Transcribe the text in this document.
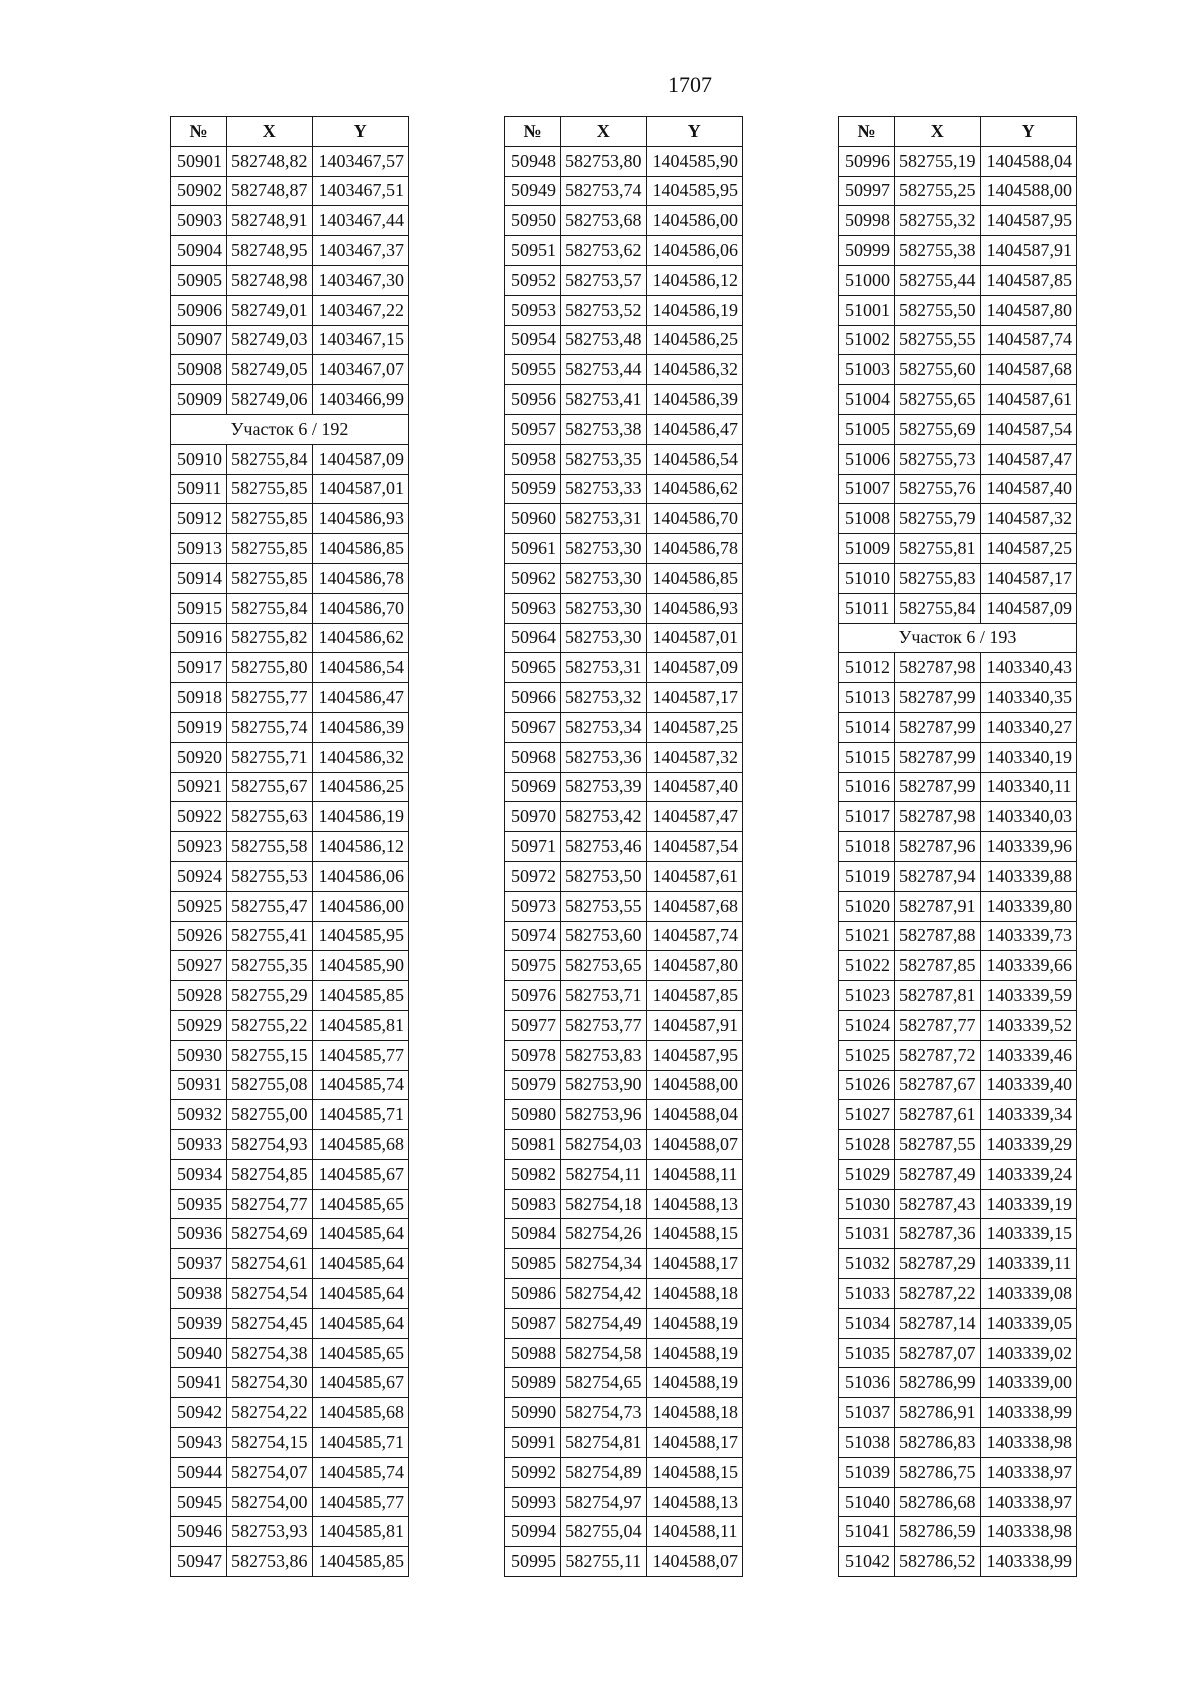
1707
№	X	Y
50901	582748,82	1403467,57
50902	582748,87	1403467,51
50903	582748,91	1403467,44
50904	582748,95	1403467,37
50905	582748,98	1403467,30
50906	582749,01	1403467,22
50907	582749,03	1403467,15
50908	582749,05	1403467,07
50909	582749,06	1403466,99
Участок 6 / 192		
50910	582755,84	1404587,09
50911	582755,85	1404587,01
50912	582755,85	1404586,93
50913	582755,85	1404586,85
50914	582755,85	1404586,78
50915	582755,84	1404586,70
50916	582755,82	1404586,62
50917	582755,80	1404586,54
50918	582755,77	1404586,47
50919	582755,74	1404586,39
50920	582755,71	1404586,32
50921	582755,67	1404586,25
50922	582755,63	1404586,19
50923	582755,58	1404586,12
50924	582755,53	1404586,06
50925	582755,47	1404586,00
50926	582755,41	1404585,95
50927	582755,35	1404585,90
50928	582755,29	1404585,85
50929	582755,22	1404585,81
50930	582755,15	1404585,77
50931	582755,08	1404585,74
50932	582755,00	1404585,71
50933	582754,93	1404585,68
50934	582754,85	1404585,67
50935	582754,77	1404585,65
50936	582754,69	1404585,64
50937	582754,61	1404585,64
50938	582754,54	1404585,64
50939	582754,45	1404585,64
50940	582754,38	1404585,65
50941	582754,30	1404585,67
50942	582754,22	1404585,68
50943	582754,15	1404585,71
50944	582754,07	1404585,74
50945	582754,00	1404585,77
50946	582753,93	1404585,81
50947	582753,86	1404585,85
№	X	Y
50948	582753,80	1404585,90
50949	582753,74	1404585,95
50950	582753,68	1404586,00
50951	582753,62	1404586,06
50952	582753,57	1404586,12
50953	582753,52	1404586,19
50954	582753,48	1404586,25
50955	582753,44	1404586,32
50956	582753,41	1404586,39
50957	582753,38	1404586,47
50958	582753,35	1404586,54
50959	582753,33	1404586,62
50960	582753,31	1404586,70
50961	582753,30	1404586,78
50962	582753,30	1404586,85
50963	582753,30	1404586,93
50964	582753,30	1404587,01
50965	582753,31	1404587,09
50966	582753,32	1404587,17
50967	582753,34	1404587,25
50968	582753,36	1404587,32
50969	582753,39	1404587,40
50970	582753,42	1404587,47
50971	582753,46	1404587,54
50972	582753,50	1404587,61
50973	582753,55	1404587,68
50974	582753,60	1404587,74
50975	582753,65	1404587,80
50976	582753,71	1404587,85
50977	582753,77	1404587,91
50978	582753,83	1404587,95
50979	582753,90	1404588,00
50980	582753,96	1404588,04
50981	582754,03	1404588,07
50982	582754,11	1404588,11
50983	582754,18	1404588,13
50984	582754,26	1404588,15
50985	582754,34	1404588,17
50986	582754,42	1404588,18
50987	582754,49	1404588,19
50988	582754,58	1404588,19
50989	582754,65	1404588,19
50990	582754,73	1404588,18
50991	582754,81	1404588,17
50992	582754,89	1404588,15
50993	582754,97	1404588,13
50994	582755,04	1404588,11
50995	582755,11	1404588,07
№	X	Y
50996	582755,19	1404588,04
50997	582755,25	1404588,00
50998	582755,32	1404587,95
50999	582755,38	1404587,91
51000	582755,44	1404587,85
51001	582755,50	1404587,80
51002	582755,55	1404587,74
51003	582755,60	1404587,68
51004	582755,65	1404587,61
51005	582755,69	1404587,54
51006	582755,73	1404587,47
51007	582755,76	1404587,40
51008	582755,79	1404587,32
51009	582755,81	1404587,25
51010	582755,83	1404587,17
51011	582755,84	1404587,09
Участок 6 / 193		
51012	582787,98	1403340,43
51013	582787,99	1403340,35
51014	582787,99	1403340,27
51015	582787,99	1403340,19
51016	582787,99	1403340,11
51017	582787,98	1403340,03
51018	582787,96	1403339,96
51019	582787,94	1403339,88
51020	582787,91	1403339,80
51021	582787,88	1403339,73
51022	582787,85	1403339,66
51023	582787,81	1403339,59
51024	582787,77	1403339,52
51025	582787,72	1403339,46
51026	582787,67	1403339,40
51027	582787,61	1403339,34
51028	582787,55	1403339,29
51029	582787,49	1403339,24
51030	582787,43	1403339,19
51031	582787,36	1403339,15
51032	582787,29	1403339,11
51033	582787,22	1403339,08
51034	582787,14	1403339,05
51035	582787,07	1403339,02
51036	582786,99	1403339,00
51037	582786,91	1403338,99
51038	582786,83	1403338,98
51039	582786,75	1403338,97
51040	582786,68	1403338,97
51041	582786,59	1403338,98
51042	582786,52	1403338,99
